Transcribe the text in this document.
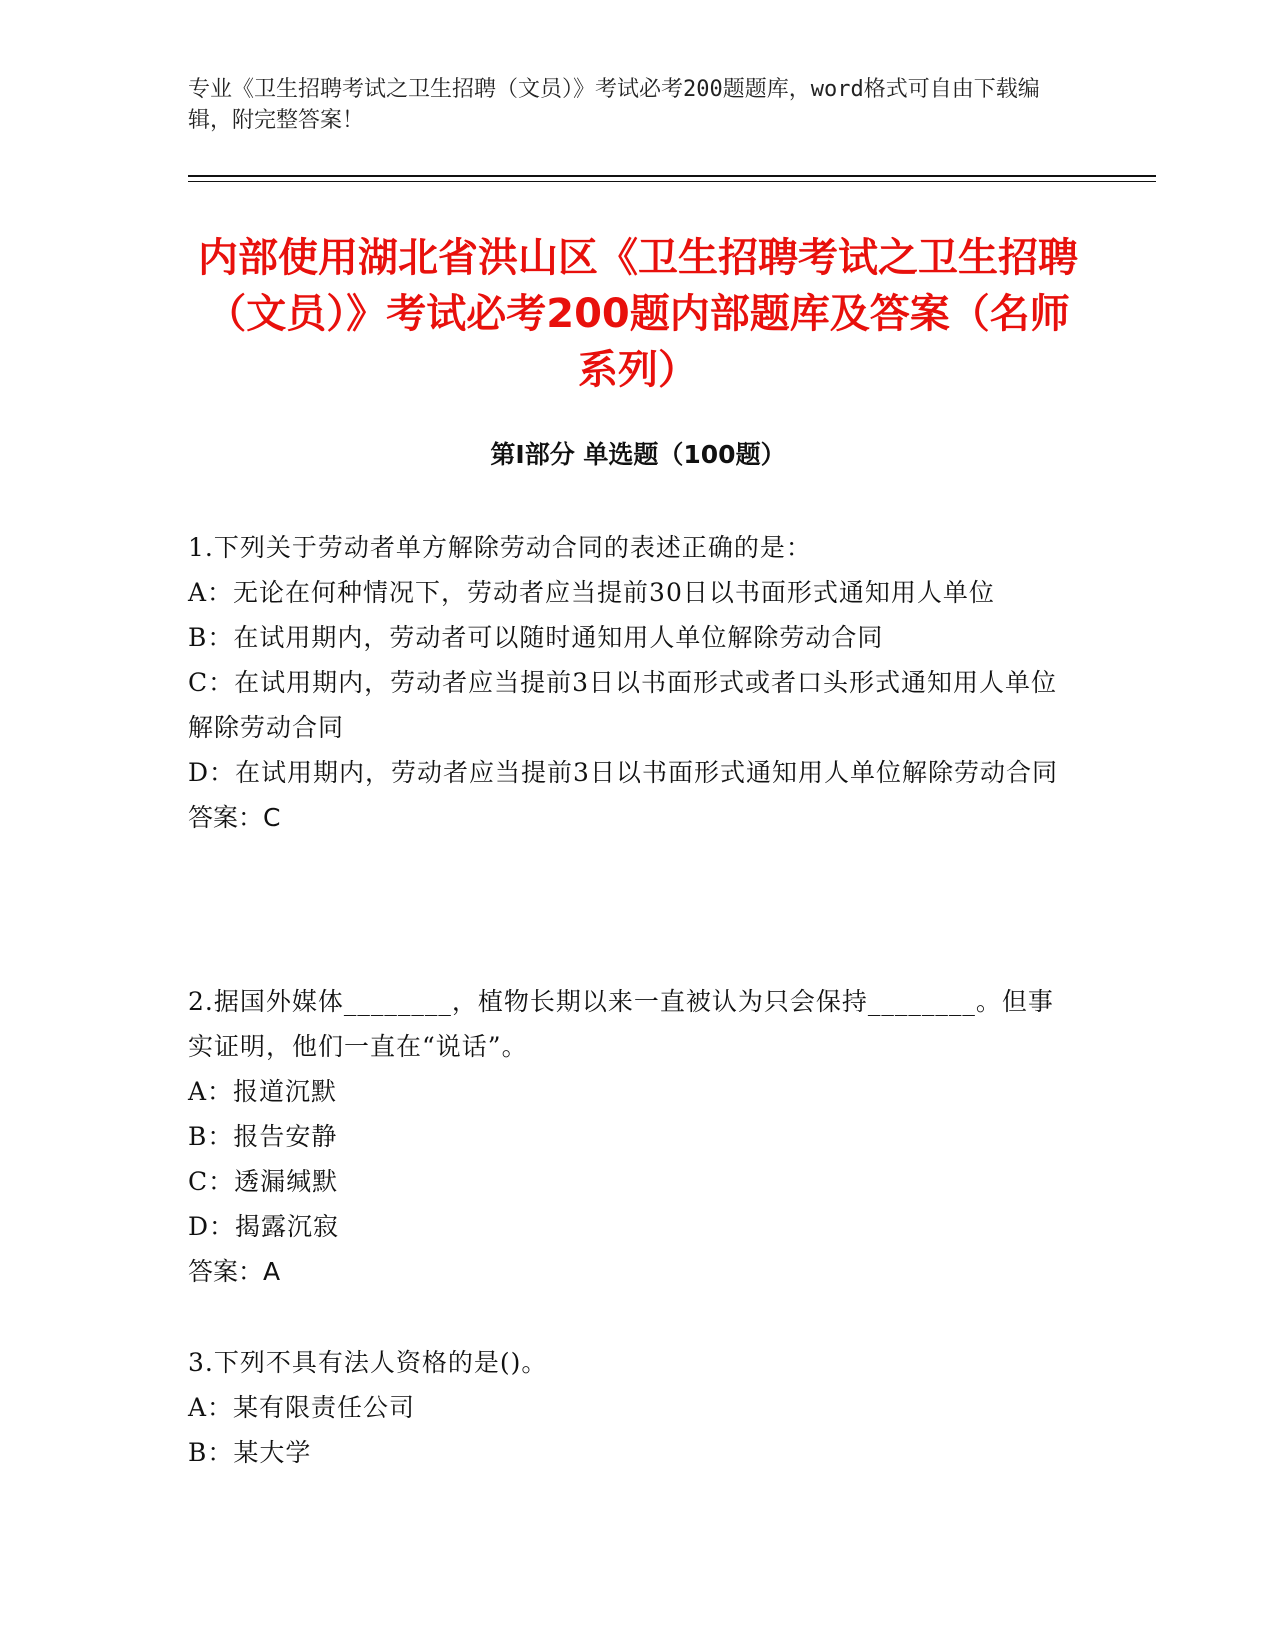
专业《卫生招聘考试之卫生招聘（文员）》考试必考200题题库，word格式可自由下载编辑，附完整答案！
内部使用湖北省洪山区《卫生招聘考试之卫生招聘（文员）》考试必考200题内部题库及答案（名师系列）
第I部分 单选题（100题）

1.下列关于劳动者单方解除劳动合同的表述正确的是：

A：无论在何种情况下，劳动者应当提前30日以书面形式通知用人单位

B：在试用期内，劳动者可以随时通知用人单位解除劳动合同

C：在试用期内，劳动者应当提前3日以书面形式或者口头形式通知用人单位解除劳动合同

D：在试用期内，劳动者应当提前3日以书面形式通知用人单位解除劳动合同

答案：C

2.据国外媒体________，植物长期以来一直被认为只会保持________。但事实证明，他们一直在“说话”。

A：报道沉默

B：报告安静

C：透漏缄默

D：揭露沉寂

答案：A

3.下列不具有法人资格的是()。

A：某有限责任公司

B：某大学
